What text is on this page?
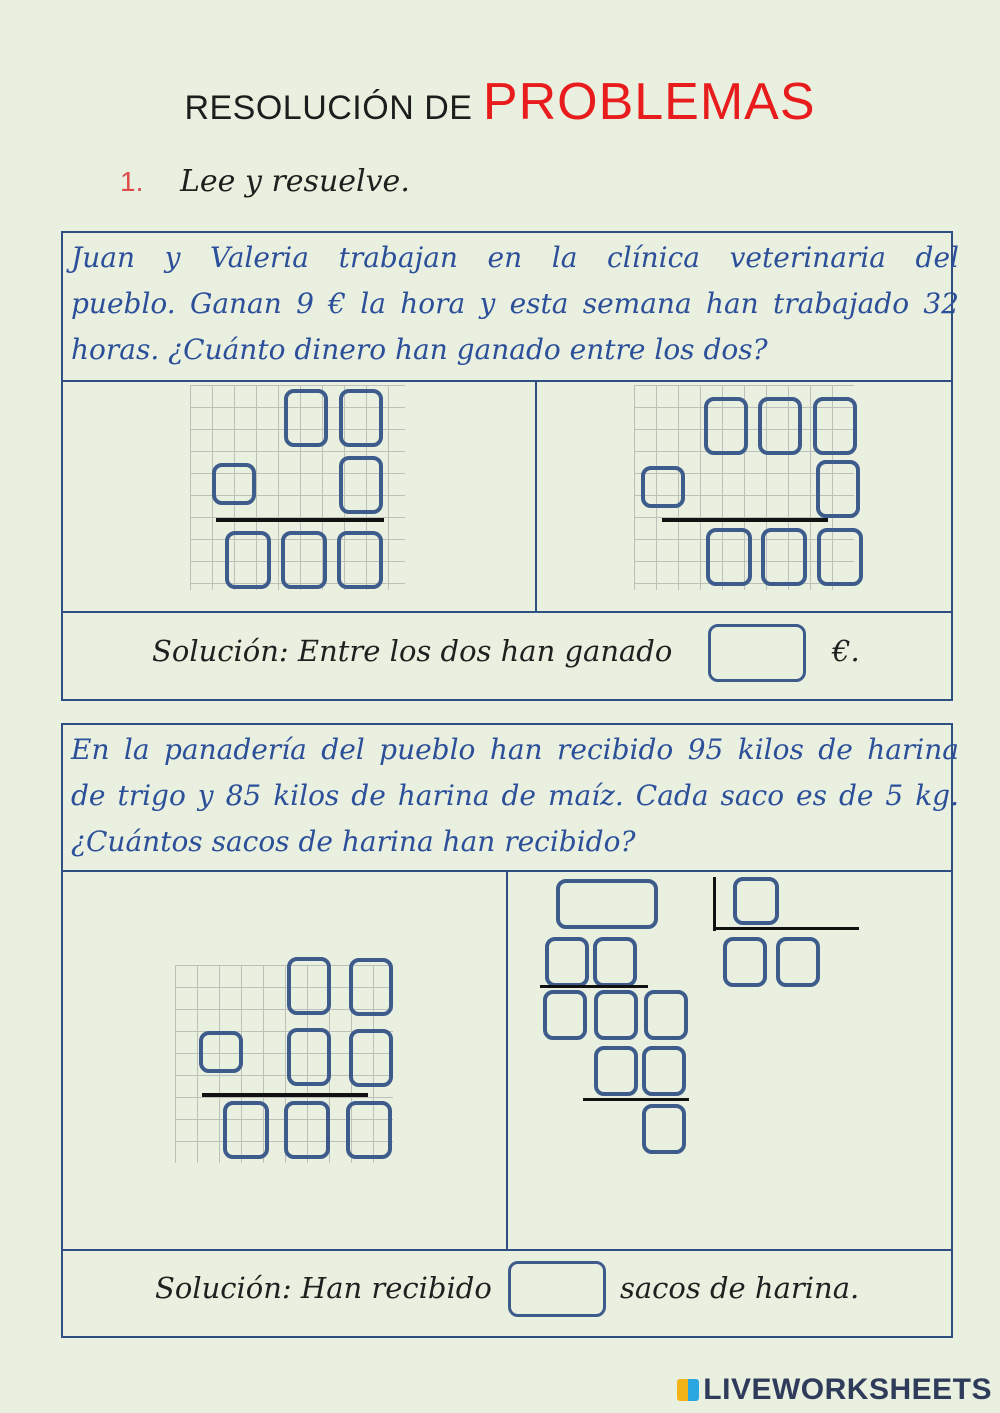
RESOLUCIÓN DE PROBLEMAS
1. Lee y resuelve.
Juan y Valeria trabajan en la clínica veterinaria del
pueblo. Ganan 9 € la hora y esta semana han trabajado 32
horas. ¿Cuánto dinero han ganado entre los dos?
Solución: Entre los dos han ganado	€.
En la panadería del pueblo han recibido 95 kilos de harina
de trigo y 85 kilos de harina de maíz. Cada saco es de 5 kg.
¿Cuántos sacos de harina han recibido?
Solución: Han recibido	sacos de harina.
LIVEWORKSHEETS
